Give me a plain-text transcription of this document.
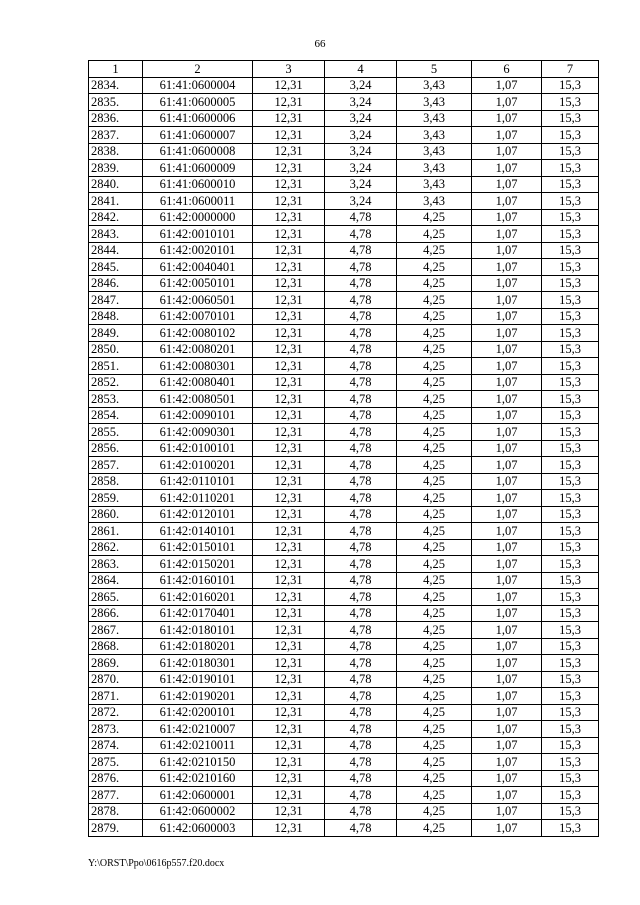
66
1	2	3	4	5	6	7
2834.	61:41:0600004	12,31	3,24	3,43	1,07	15,3
2835.	61:41:0600005	12,31	3,24	3,43	1,07	15,3
2836.	61:41:0600006	12,31	3,24	3,43	1,07	15,3
2837.	61:41:0600007	12,31	3,24	3,43	1,07	15,3
2838.	61:41:0600008	12,31	3,24	3,43	1,07	15,3
2839.	61:41:0600009	12,31	3,24	3,43	1,07	15,3
2840.	61:41:0600010	12,31	3,24	3,43	1,07	15,3
2841.	61:41:0600011	12,31	3,24	3,43	1,07	15,3
2842.	61:42:0000000	12,31	4,78	4,25	1,07	15,3
2843.	61:42:0010101	12,31	4,78	4,25	1,07	15,3
2844.	61:42:0020101	12,31	4,78	4,25	1,07	15,3
2845.	61:42:0040401	12,31	4,78	4,25	1,07	15,3
2846.	61:42:0050101	12,31	4,78	4,25	1,07	15,3
2847.	61:42:0060501	12,31	4,78	4,25	1,07	15,3
2848.	61:42:0070101	12,31	4,78	4,25	1,07	15,3
2849.	61:42:0080102	12,31	4,78	4,25	1,07	15,3
2850.	61:42:0080201	12,31	4,78	4,25	1,07	15,3
2851.	61:42:0080301	12,31	4,78	4,25	1,07	15,3
2852.	61:42:0080401	12,31	4,78	4,25	1,07	15,3
2853.	61:42:0080501	12,31	4,78	4,25	1,07	15,3
2854.	61:42:0090101	12,31	4,78	4,25	1,07	15,3
2855.	61:42:0090301	12,31	4,78	4,25	1,07	15,3
2856.	61:42:0100101	12,31	4,78	4,25	1,07	15,3
2857.	61:42:0100201	12,31	4,78	4,25	1,07	15,3
2858.	61:42:0110101	12,31	4,78	4,25	1,07	15,3
2859.	61:42:0110201	12,31	4,78	4,25	1,07	15,3
2860.	61:42:0120101	12,31	4,78	4,25	1,07	15,3
2861.	61:42:0140101	12,31	4,78	4,25	1,07	15,3
2862.	61:42:0150101	12,31	4,78	4,25	1,07	15,3
2863.	61:42:0150201	12,31	4,78	4,25	1,07	15,3
2864.	61:42:0160101	12,31	4,78	4,25	1,07	15,3
2865.	61:42:0160201	12,31	4,78	4,25	1,07	15,3
2866.	61:42:0170401	12,31	4,78	4,25	1,07	15,3
2867.	61:42:0180101	12,31	4,78	4,25	1,07	15,3
2868.	61:42:0180201	12,31	4,78	4,25	1,07	15,3
2869.	61:42:0180301	12,31	4,78	4,25	1,07	15,3
2870.	61:42:0190101	12,31	4,78	4,25	1,07	15,3
2871.	61:42:0190201	12,31	4,78	4,25	1,07	15,3
2872.	61:42:0200101	12,31	4,78	4,25	1,07	15,3
2873.	61:42:0210007	12,31	4,78	4,25	1,07	15,3
2874.	61:42:0210011	12,31	4,78	4,25	1,07	15,3
2875.	61:42:0210150	12,31	4,78	4,25	1,07	15,3
2876.	61:42:0210160	12,31	4,78	4,25	1,07	15,3
2877.	61:42:0600001	12,31	4,78	4,25	1,07	15,3
2878.	61:42:0600002	12,31	4,78	4,25	1,07	15,3
2879.	61:42:0600003	12,31	4,78	4,25	1,07	15,3
Y:\ORST\Ppo\0616p557.f20.docx
